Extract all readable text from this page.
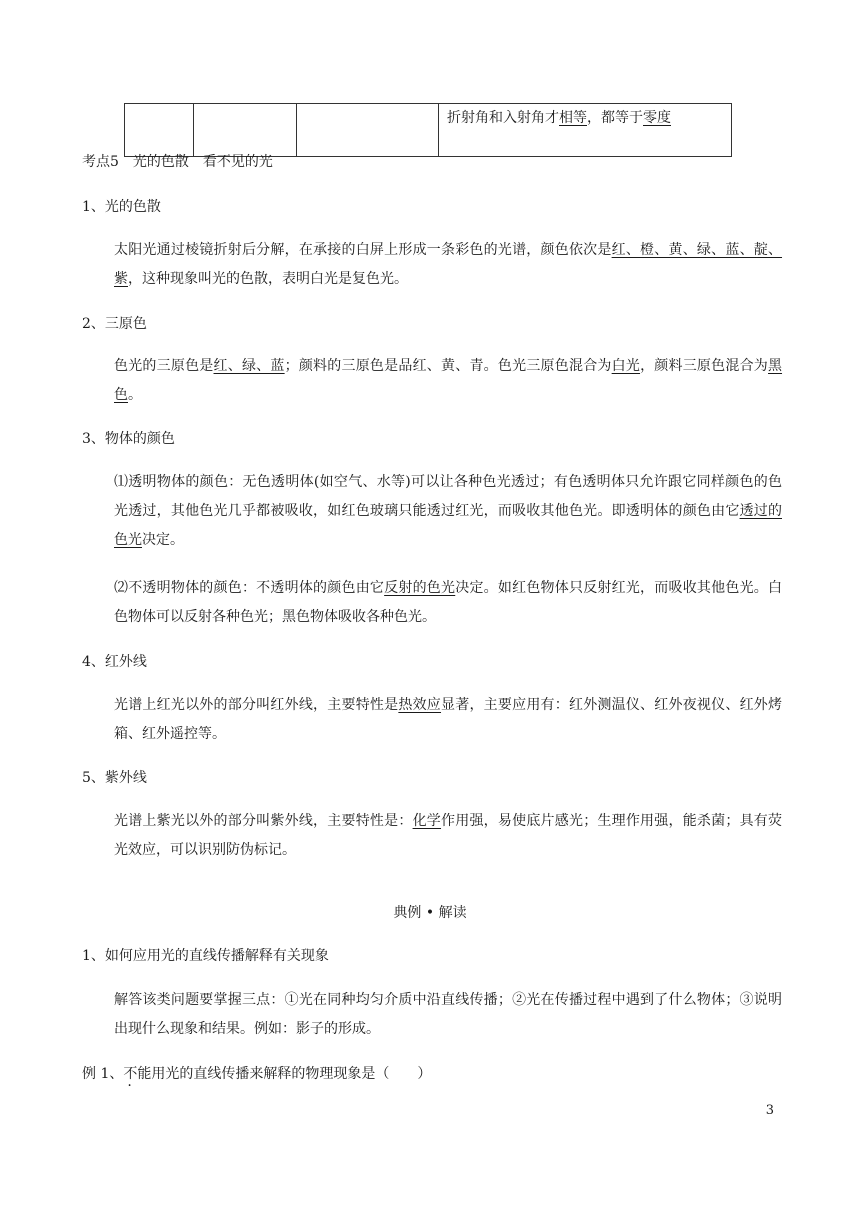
			折射角和入射角才相等，都等于零度
考点5　光的色散　看不见的光
1、光的色散
太阳光通过棱镜折射后分解，在承接的白屏上形成一条彩色的光谱，颜色依次是红、橙、黄、绿、蓝、靛、紫，这种现象叫光的色散，表明白光是复色光。
2、三原色
色光的三原色是红、绿、蓝；颜料的三原色是品红、黄、青。色光三原色混合为白光，颜料三原色混合为黑色。
3、物体的颜色
⑴透明物体的颜色：无色透明体(如空气、水等)可以让各种色光透过；有色透明体只允许跟它同样颜色的色光透过，其他色光几乎都被吸收，如红色玻璃只能透过红光，而吸收其他色光。即透明体的颜色由它透过的色光决定。
⑵不透明物体的颜色：不透明体的颜色由它反射的色光决定。如红色物体只反射红光，而吸收其他色光。白色物体可以反射各种色光；黑色物体吸收各种色光。
4、红外线
光谱上红光以外的部分叫红外线，主要特性是热效应显著，主要应用有：红外测温仪、红外夜视仪、红外烤箱、红外遥控等。
5、紫外线
光谱上紫光以外的部分叫紫外线，主要特性是：化学作用强，易使底片感光；生理作用强，能杀菌；具有荧光效应，可以识别防伪标记。
典例 • 解读
1、如何应用光的直线传播解释有关现象
解答该类问题要掌握三点：①光在同种均匀介质中沿直线传播；②光在传播过程中遇到了什么物体；③说明出现什么现象和结果。例如：影子的形成。
例 1、不能用光的直线传播来解释的物理现象是（　　）
3
